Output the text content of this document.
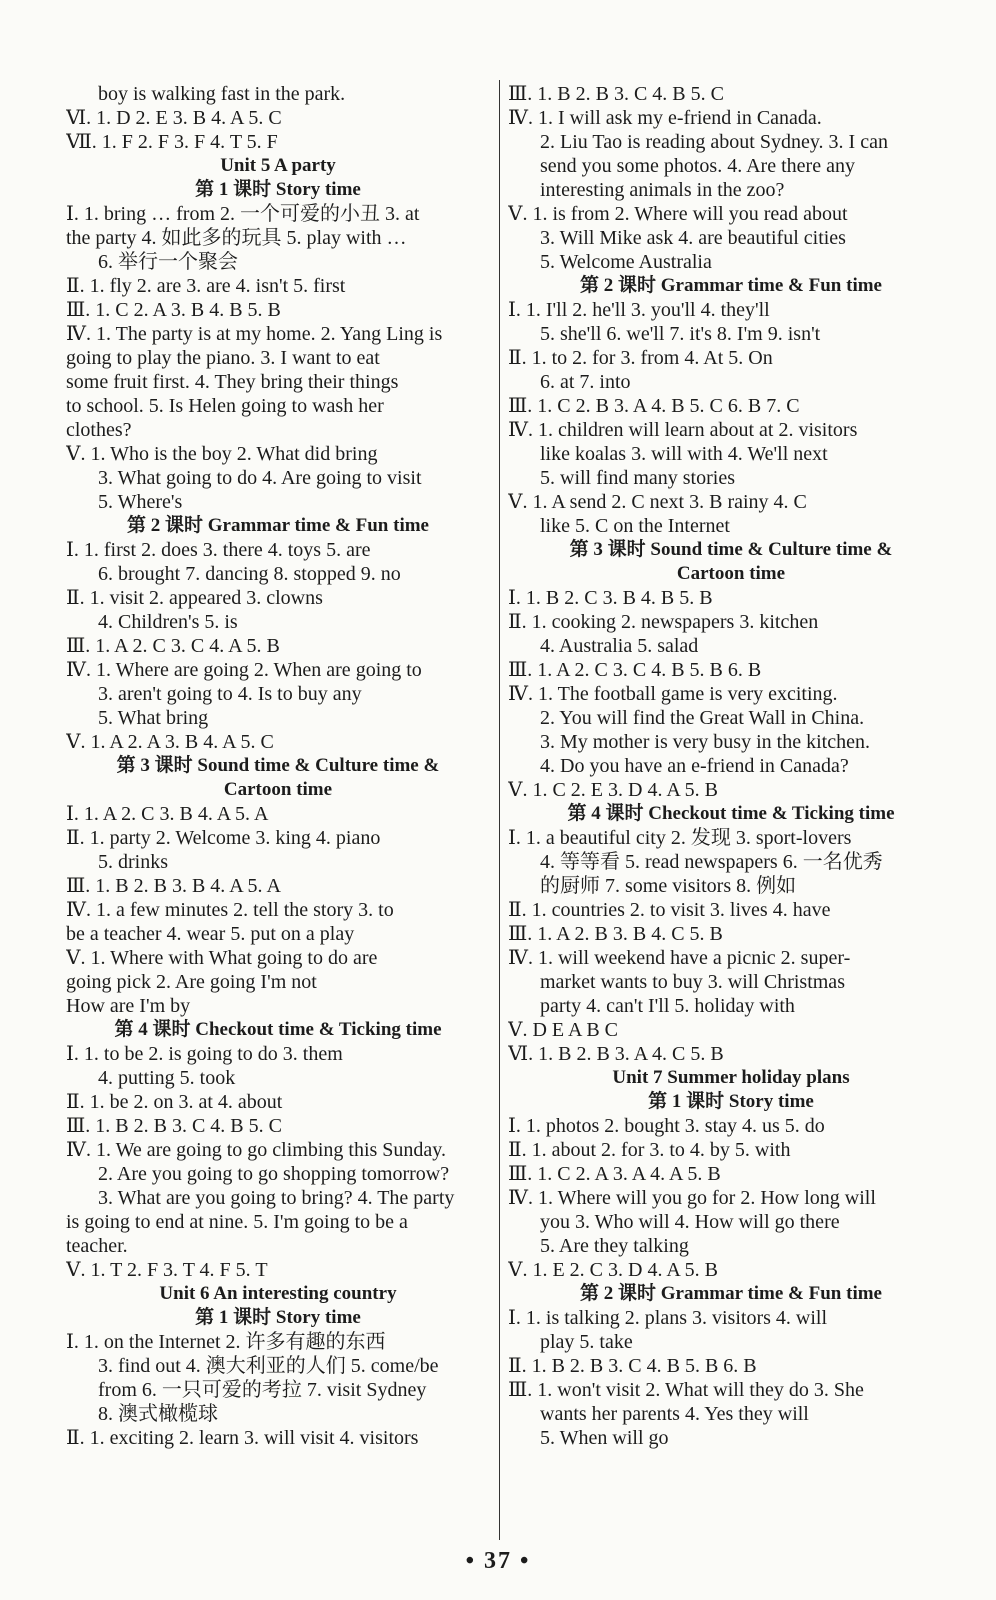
boy is walking fast in the park.
Ⅵ. 1. D 2. E 3. B 4. A 5. C
Ⅶ. 1. F 2. F 3. F 4. T 5. F
Unit 5 A party
第 1 课时 Story time
Ⅰ. 1. bring … from 2. 一个可爱的小丑 3. at
the party 4. 如此多的玩具 5. play with …
6. 举行一个聚会
Ⅱ. 1. fly 2. are 3. are 4. isn't 5. first
Ⅲ. 1. C 2. A 3. B 4. B 5. B
Ⅳ. 1. The party is at my home. 2. Yang Ling is
going to play the piano. 3. I want to eat
some fruit first. 4. They bring their things
to school. 5. Is Helen going to wash her
clothes?
Ⅴ. 1. Who is the boy 2. What did bring
3. What going to do 4. Are going to visit
5. Where's
第 2 课时 Grammar time & Fun time
Ⅰ. 1. first 2. does 3. there 4. toys 5. are
6. brought 7. dancing 8. stopped 9. no
Ⅱ. 1. visit 2. appeared 3. clowns
4. Children's 5. is
Ⅲ. 1. A 2. C 3. C 4. A 5. B
Ⅳ. 1. Where are going 2. When are going to
3. aren't going to 4. Is to buy any
5. What bring
Ⅴ. 1. A 2. A 3. B 4. A 5. C
第 3 课时 Sound time & Culture time &
Cartoon time
Ⅰ. 1. A 2. C 3. B 4. A 5. A
Ⅱ. 1. party 2. Welcome 3. king 4. piano
5. drinks
Ⅲ. 1. B 2. B 3. B 4. A 5. A
Ⅳ. 1. a few minutes 2. tell the story 3. to
be a teacher 4. wear 5. put on a play
Ⅴ. 1. Where with What going to do are
going pick 2. Are going I'm not
How are I'm by
第 4 课时 Checkout time & Ticking time
Ⅰ. 1. to be 2. is going to do 3. them
4. putting 5. took
Ⅱ. 1. be 2. on 3. at 4. about
Ⅲ. 1. B 2. B 3. C 4. B 5. C
Ⅳ. 1. We are going to go climbing this Sunday.
2. Are you going to go shopping tomorrow?
3. What are you going to bring? 4. The party
is going to end at nine. 5. I'm going to be a
teacher.
Ⅴ. 1. T 2. F 3. T 4. F 5. T
Unit 6 An interesting country
第 1 课时 Story time
Ⅰ. 1. on the Internet 2. 许多有趣的东西
3. find out 4. 澳大利亚的人们 5. come/be
from 6. 一只可爱的考拉 7. visit Sydney
8. 澳式橄榄球
Ⅱ. 1. exciting 2. learn 3. will visit 4. visitors
Ⅲ. 1. B 2. B 3. C 4. B 5. C
Ⅳ. 1. I will ask my e-friend in Canada.
2. Liu Tao is reading about Sydney. 3. I can
send you some photos. 4. Are there any
interesting animals in the zoo?
Ⅴ. 1. is from 2. Where will you read about
3. Will Mike ask 4. are beautiful cities
5. Welcome Australia
第 2 课时 Grammar time & Fun time
Ⅰ. 1. I'll 2. he'll 3. you'll 4. they'll
5. she'll 6. we'll 7. it's 8. I'm 9. isn't
Ⅱ. 1. to 2. for 3. from 4. At 5. On
6. at 7. into
Ⅲ. 1. C 2. B 3. A 4. B 5. C 6. B 7. C
Ⅳ. 1. children will learn about at 2. visitors
like koalas 3. will with 4. We'll next
5. will find many stories
Ⅴ. 1. A send 2. C next 3. B rainy 4. C
like 5. C on the Internet
第 3 课时 Sound time & Culture time &
Cartoon time
Ⅰ. 1. B 2. C 3. B 4. B 5. B
Ⅱ. 1. cooking 2. newspapers 3. kitchen
4. Australia 5. salad
Ⅲ. 1. A 2. C 3. C 4. B 5. B 6. B
Ⅳ. 1. The football game is very exciting.
2. You will find the Great Wall in China.
3. My mother is very busy in the kitchen.
4. Do you have an e-friend in Canada?
Ⅴ. 1. C 2. E 3. D 4. A 5. B
第 4 课时 Checkout time & Ticking time
Ⅰ. 1. a beautiful city 2. 发现 3. sport-lovers
4. 等等看 5. read newspapers 6. 一名优秀
的厨师 7. some visitors 8. 例如
Ⅱ. 1. countries 2. to visit 3. lives 4. have
Ⅲ. 1. A 2. B 3. B 4. C 5. B
Ⅳ. 1. will weekend have a picnic 2. super-
market wants to buy 3. will Christmas
party 4. can't I'll 5. holiday with
Ⅴ. D E A B C
Ⅵ. 1. B 2. B 3. A 4. C 5. B
Unit 7 Summer holiday plans
第 1 课时 Story time
Ⅰ. 1. photos 2. bought 3. stay 4. us 5. do
Ⅱ. 1. about 2. for 3. to 4. by 5. with
Ⅲ. 1. C 2. A 3. A 4. A 5. B
Ⅳ. 1. Where will you go for 2. How long will
you 3. Who will 4. How will go there
5. Are they talking
Ⅴ. 1. E 2. C 3. D 4. A 5. B
第 2 课时 Grammar time & Fun time
Ⅰ. 1. is talking 2. plans 3. visitors 4. will
play 5. take
Ⅱ. 1. B 2. B 3. C 4. B 5. B 6. B
Ⅲ. 1. won't visit 2. What will they do 3. She
wants her parents 4. Yes they will
5. When will go
• 37 •
